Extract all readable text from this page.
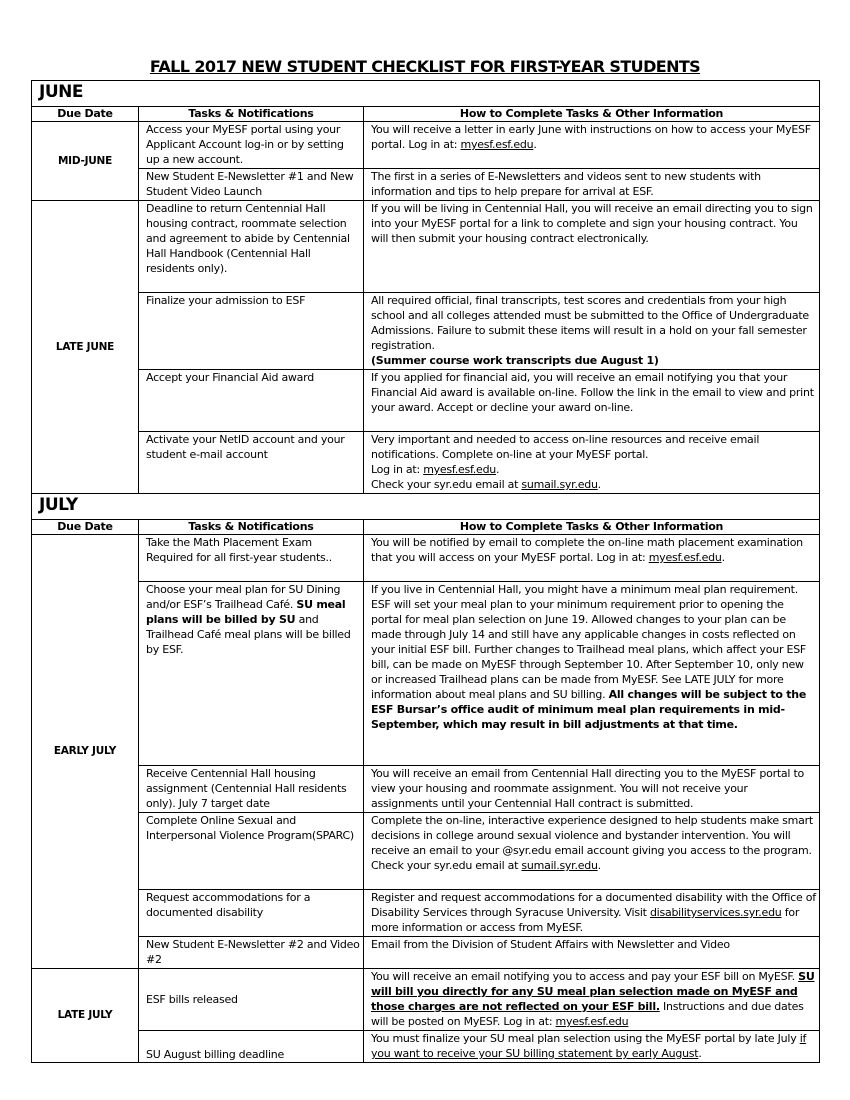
FALL 2017 NEW STUDENT CHECKLIST FOR FIRST-YEAR STUDENTS
JUNE		
Due Date	Tasks & Notifications	How to Complete Tasks & Other Information
MID-JUNE	Access your MyESF portal using your Applicant Account log-in or by setting up a new account.	You will receive a letter in early June with instructions on how to access your MyESF portal. Log in at: myesf.esf.edu.
	New Student E-Newsletter #1 and New Student Video Launch	The first in a series of E-Newsletters and videos sent to new students with information and tips to help prepare for arrival at ESF.
LATE JUNE	Deadline to return Centennial Hall housing contract, roommate selection and agreement to abide by Centennial Hall Handbook (Centennial Hall residents only).	If you will be living in Centennial Hall, you will receive an email directing you to sign into your MyESF portal for a link to complete and sign your housing contract. You will then submit your housing contract electronically.
	Finalize your admission to ESF	All required official, final transcripts, test scores and credentials from your high school and all colleges attended must be submitted to the Office of Undergraduate Admissions. Failure to submit these items will result in a hold on your fall semester registration.
(Summer course work transcripts due August 1)
	Accept your Financial Aid award	If you applied for financial aid, you will receive an email notifying you that your Financial Aid award is available on-line. Follow the link in the email to view and print your award. Accept or decline your award on-line.
	Activate your NetID account and your student e-mail account	Very important and needed to access on-line resources and receive email notifications. Complete on-line at your MyESF portal.
Log in at: myesf.esf.edu.
Check your syr.edu email at sumail.syr.edu.
JULY		
Due Date	Tasks & Notifications	How to Complete Tasks & Other Information
EARLY JULY	Take the Math Placement Exam Required for all first-year students..	You will be notified by email to complete the on-line math placement examination that you will access on your MyESF portal. Log in at: myesf.esf.edu.
	Choose your meal plan for SU Dining and/or ESF’s Trailhead Café. SU meal plans will be billed by SU and Trailhead Café meal plans will be billed by ESF.	If you live in Centennial Hall, you might have a minimum meal plan requirement. ESF will set your meal plan to your minimum requirement prior to opening the portal for meal plan selection on June 19. Allowed changes to your plan can be made through July 14 and still have any applicable changes in costs reflected on your initial ESF bill. Further changes to Trailhead meal plans, which affect your ESF bill, can be made on MyESF through September 10. After September 10, only new or increased Trailhead plans can be made from MyESF. See LATE JULY for more information about meal plans and SU billing. All changes will be subject to the ESF Bursar’s office audit of minimum meal plan requirements in mid-September, which may result in bill adjustments at that time.
	Receive Centennial Hall housing assignment (Centennial Hall residents only). July 7 target date	You will receive an email from Centennial Hall directing you to the MyESF portal to view your housing and roommate assignment. You will not receive your assignments until your Centennial Hall contract is submitted.
	Complete Online Sexual and Interpersonal Violence Program(SPARC)	Complete the on-line, interactive experience designed to help students make smart decisions in college around sexual violence and bystander intervention. You will receive an email to your @syr.edu email account giving you access to the program. Check your syr.edu email at sumail.syr.edu.
	Request accommodations for a documented disability	Register and request accommodations for a documented disability with the Office of Disability Services through Syracuse University. Visit disabilityservices.syr.edu for more information or access from MyESF.
	New Student E-Newsletter #2 and Video #2	Email from the Division of Student Affairs with Newsletter and Video
LATE JULY	ESF bills released	You will receive an email notifying you to access and pay your ESF bill on MyESF. SU will bill you directly for any SU meal plan selection made on MyESF and those charges are not reflected on your ESF bill. Instructions and due dates will be posted on MyESF. Log in at: myesf.esf.edu
	SU August billing deadline	You must finalize your SU meal plan selection using the MyESF portal by late July if you want to receive your SU billing statement by early August.
